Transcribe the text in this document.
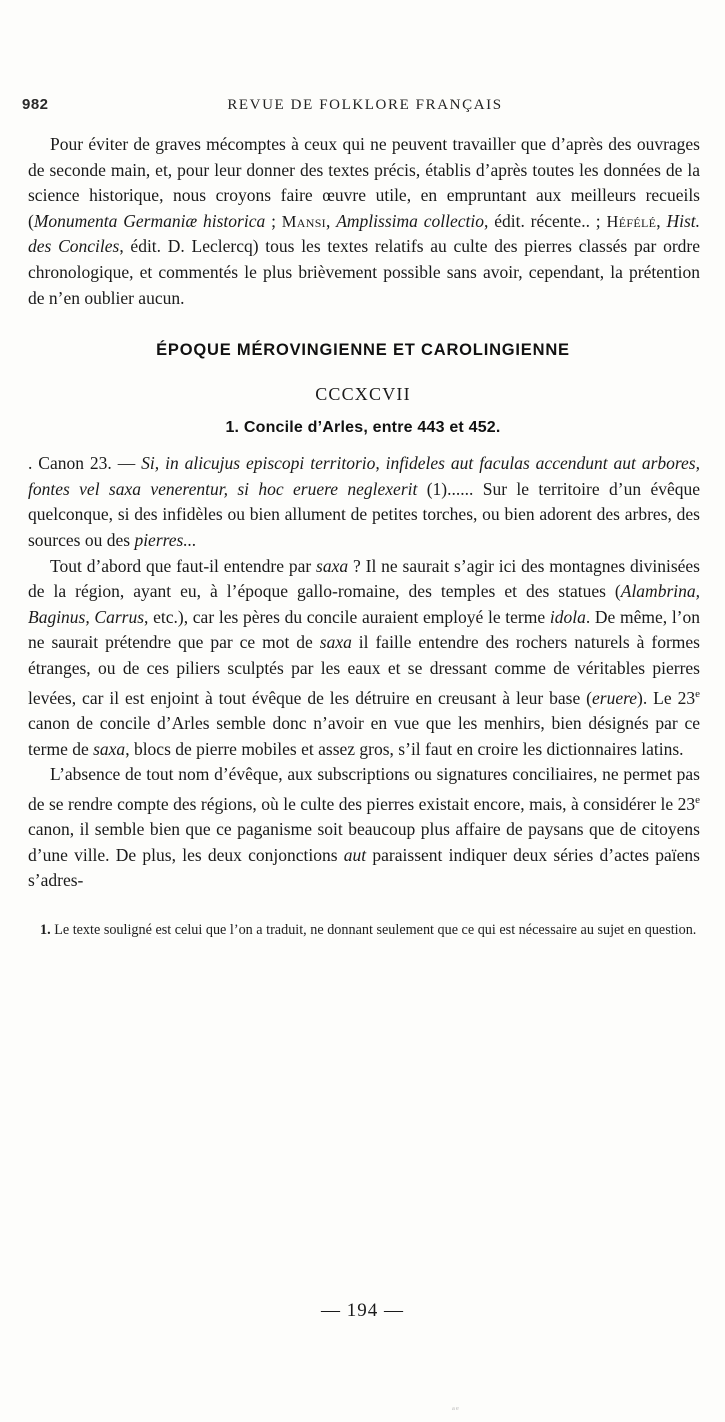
982	REVUE DE FOLKLORE FRANÇAIS

Pour éviter de graves mécomptes à ceux qui ne peuvent travailler que d’après des ouvrages de seconde main, et, pour leur donner des textes précis, établis d’après toutes les données de la science historique, nous croyons faire œuvre utile, en empruntant aux meilleurs recueils (Monumenta Germaniæ historica ; Mansi, Amplissima collectio, édit. récente.. ; Héfélé, Hist. des Conciles, édit. D. Leclercq) tous les textes relatifs au culte des pierres classés par ordre chronologique, et commentés le plus brièvement possible sans avoir, cependant, la prétention de n’en oublier aucun.

ÉPOQUE MÉROVINGIENNE ET CAROLINGIENNE
CCCXCVII
1. Concile d’Arles, entre 443 et 452.

. Canon 23. — Si, in alicujus episcopi territorio, infideles aut faculas accendunt aut arbores, fontes vel saxa venerentur, si hoc eruere neglexerit (1)...... Sur le territoire d’un évêque quelconque, si des infidèles ou bien allument de petites torches, ou bien adorent des arbres, des sources ou des pierres...

Tout d’abord que faut-il entendre par saxa ? Il ne saurait s’agir ici des montagnes divinisées de la région, ayant eu, à l’époque gallo-romaine, des temples et des statues (Alambrina, Baginus, Carrus, etc.), car les pères du concile auraient employé le terme idola. De même, l’on ne saurait prétendre que par ce mot de saxa il faille entendre des rochers naturels à formes étranges, ou de ces piliers sculptés par les eaux et se dressant comme de véritables pierres levées, car il est enjoint à tout évêque de les détruire en creusant à leur base (eruere). Le 23e canon de concile d’Arles semble donc n’avoir en vue que les menhirs, bien désignés par ce terme de saxa, blocs de pierre mobiles et assez gros, s’il faut en croire les dictionnaires latins.

L’absence de tout nom d’évêque, aux subscriptions ou signatures conciliaires, ne permet pas de se rendre compte des régions, où le culte des pierres existait encore, mais, à considérer le 23e canon, il semble bien que ce paganisme soit beaucoup plus affaire de paysans que de citoyens d’une ville. De plus, les deux conjonctions aut paraissent indiquer deux séries d’actes païens s’adres-

1. Le texte souligné est celui que l’on a traduit, ne donnant seulement que ce qui est nécessaire au sujet en question.

— 194 —
ᵃᵉ
